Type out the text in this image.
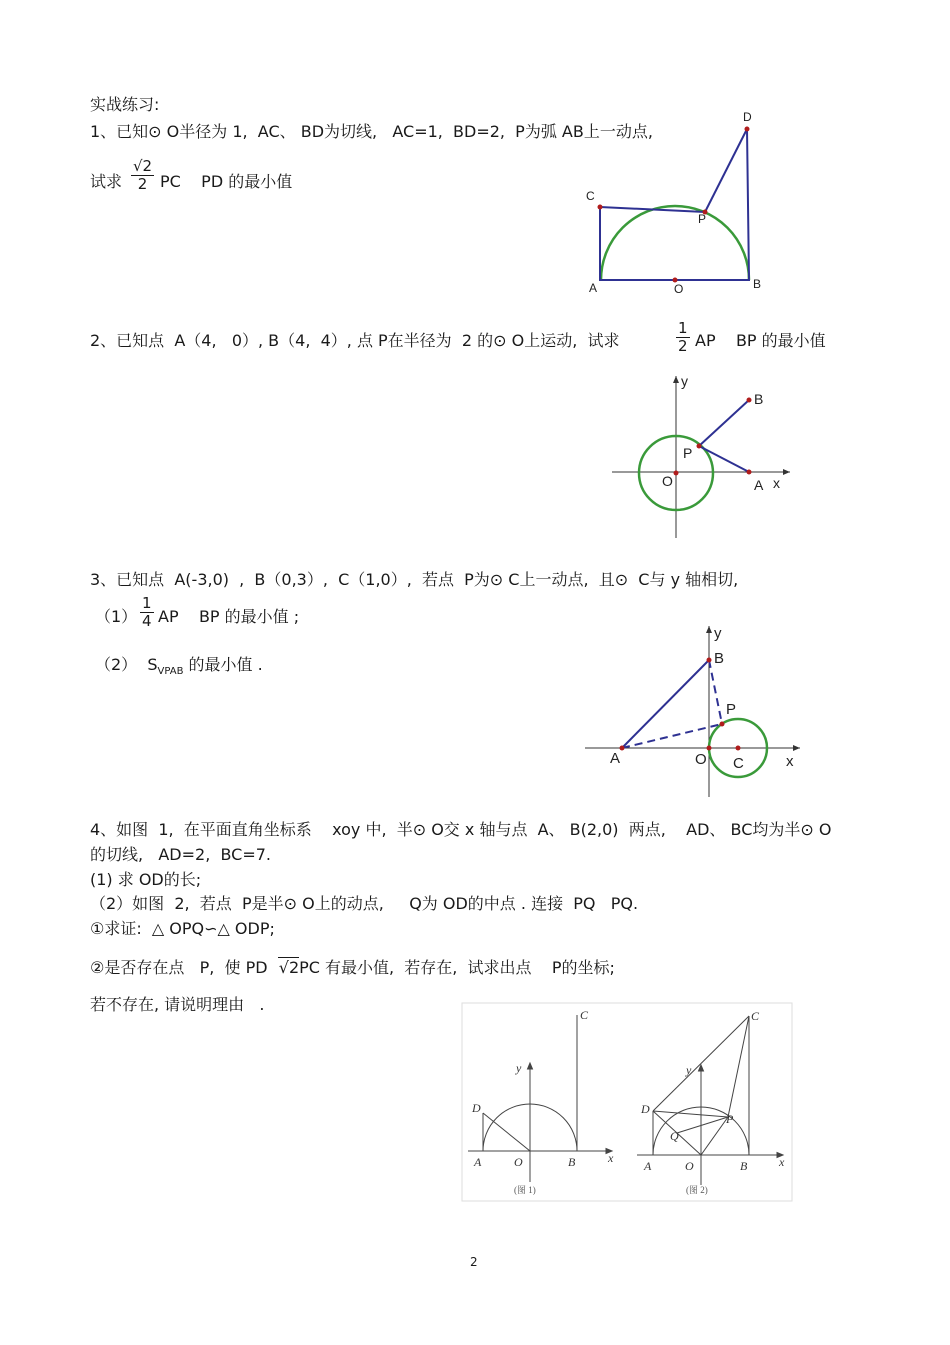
实战练习:
1、已知⊙ O半径为 1,  AC、 BD为切线,   AC=1,  BD=2,  P为弧 AB上一动点,
试求 $\frac{√2}{2}$ PC    PD 的最小值
2、已知点  A（4,   0）, B（4,  4）, 点 P在半径为  2 的⊙ O上运动,  试求	$\frac{1}{2}$ AP    BP 的最小值
3、已知点  A(-3,0)  ,  B（0,3）,  C（1,0）,  若点  P为⊙ C上一动点,  且⊙  C与 y 轴相切,
$(1) \frac{1}{4}$ AP    BP 的最小值 ;
（2）  $S_{VPAB}$ 的最小值 .
4、如图  1,  在平面直角坐标系    xoy 中,  半⊙ O交 x 轴与点  A、 B(2,0)  两点,    AD、 BC均为半⊙ O
的切线,   AD=2,  BC=7.
(1) 求 OD的长;
（2）如图  2,  若点  P是半⊙ O上的动点,     Q为 OD的中点 . 连接  PQ   PQ.
①求证:  △ OPQ∽△ ODP;
②是否存在点   P,  使 PD  √2PC 有最小值,  若存在,  试求出点    P的坐标;
若不存在, 请说明理由   .
D
C
P
A	O	B
y
B
P
O	A x
y
B
P
A	O C	x
y
x
D
C
A	O	B
(图 1)
y
x
D
C
P
Q
A	O	B
(图 2)
2
